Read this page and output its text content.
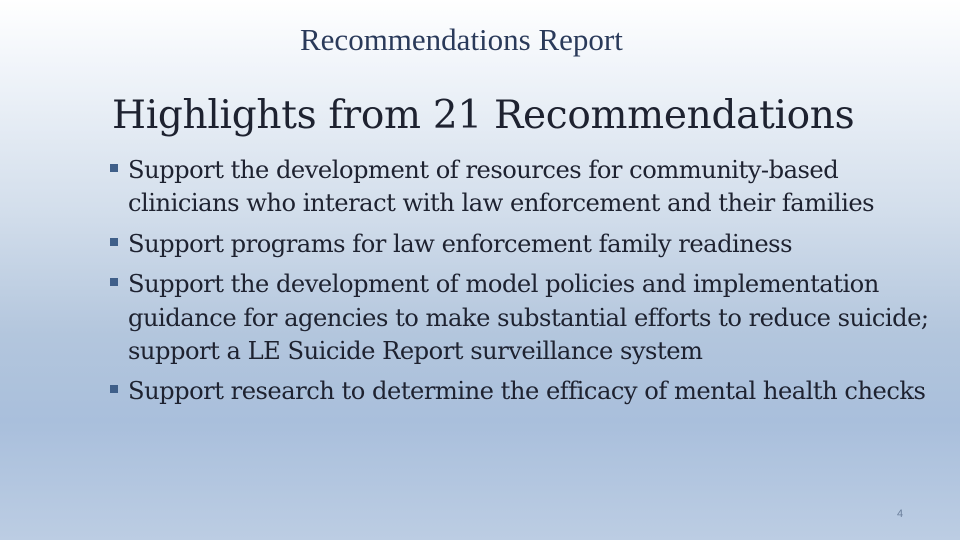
Recommendations Report
Highlights from 21 Recommendations
Support the development of resources for community-based clinicians who interact with law enforcement and their families
Support programs for law enforcement family readiness
Support the development of model policies and implementation guidance for agencies to make substantial efforts to reduce suicide; support a LE Suicide Report surveillance system
Support research to determine the efficacy of mental health checks
4
